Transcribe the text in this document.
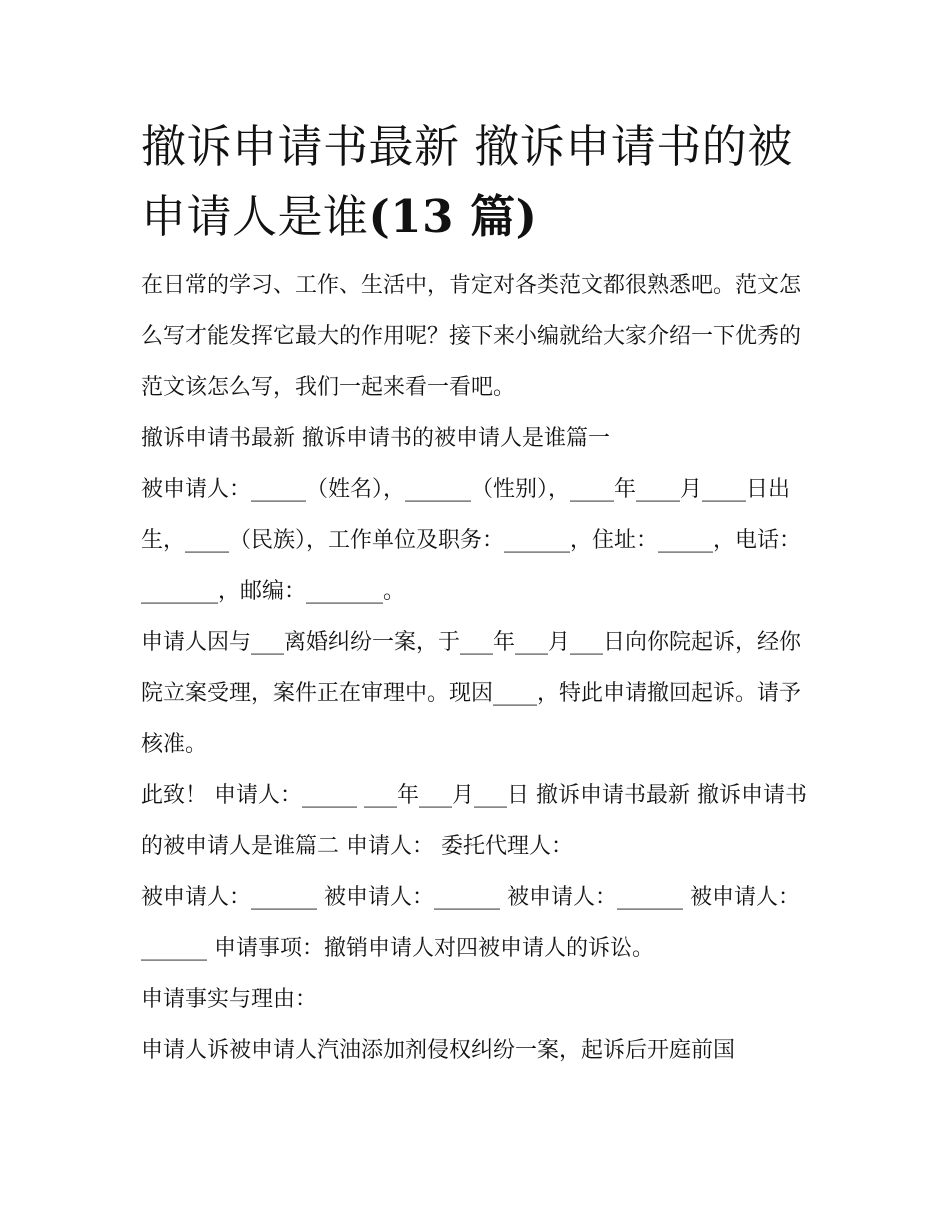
撤诉申请书最新 撤诉申请书的被申请人是谁(13 篇)

在日常的学习、工作、生活中，肯定对各类范文都很熟悉吧。范文怎么写才能发挥它最大的作用呢？接下来小编就给大家介绍一下优秀的范文该怎么写，我们一起来看一看吧。

撤诉申请书最新 撤诉申请书的被申请人是谁篇一

被申请人：_____（姓名），______（性别），____年____月____日出生，____（民族），工作单位及职务：______，住址：_____，电话：_______，邮编：_______。

申请人因与___离婚纠纷一案，于___年___月___日向你院起诉，经你院立案受理，案件正在审理中。现因____，特此申请撤回起诉。请予核准。

此致！ 申请人：_____ ___年___月___日 撤诉申请书最新 撤诉申请书的被申请人是谁篇二 申请人： 委托代理人：

被申请人：______ 被申请人：______ 被申请人：______ 被申请人：______ 申请事项：撤销申请人对四被申请人的诉讼。

申请事实与理由：

申请人诉被申请人汽油添加剂侵权纠纷一案，起诉后开庭前国
